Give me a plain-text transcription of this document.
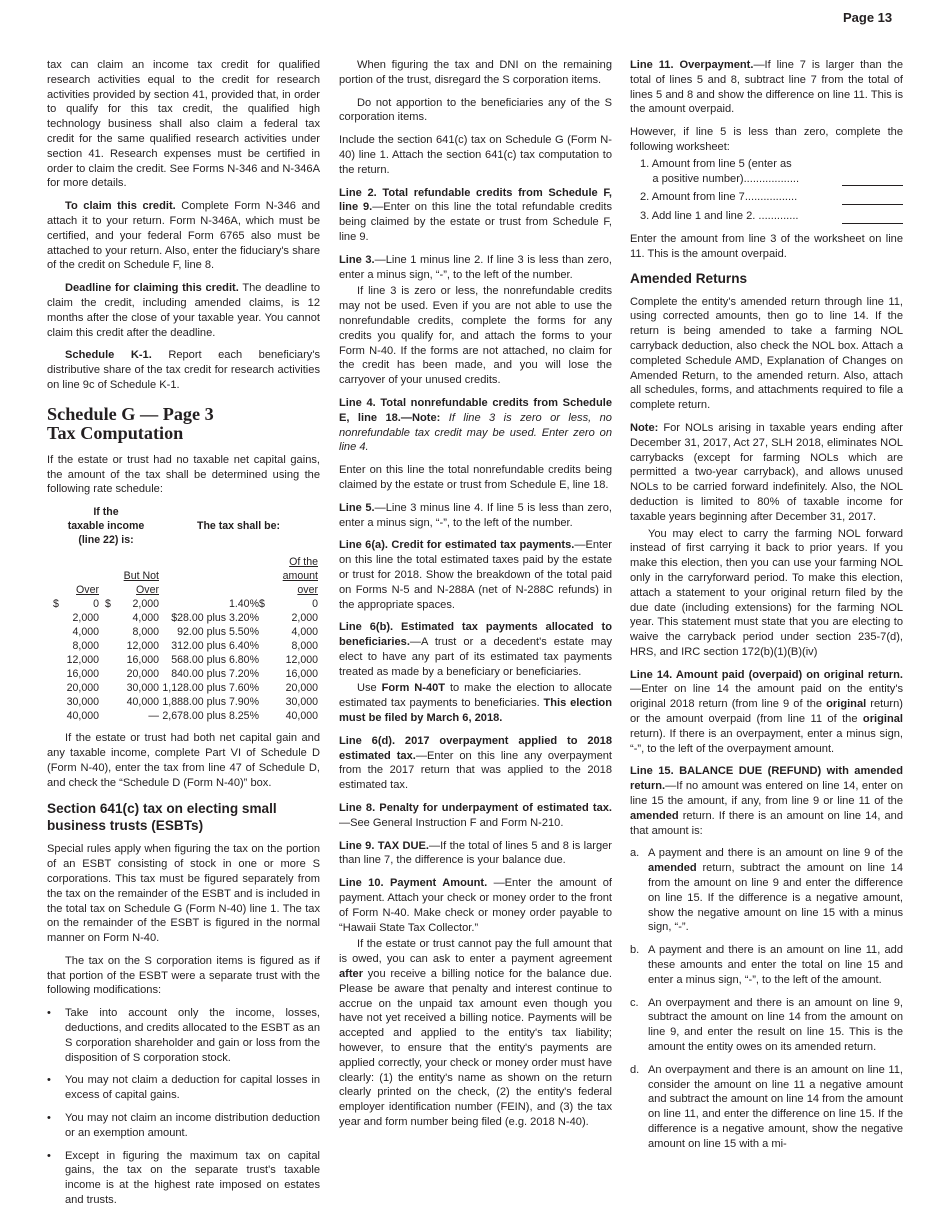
Page 13

tax can claim an income tax credit for qualified research activities equal to the credit for research activities provided by section 41, provided that, in order to qualify for this tax credit, the qualified high technology business shall also claim a federal tax credit for the same qualified research activities under section 41. Research expenses must be certified in order to claim the credit. See Forms N-346 and N-346A for more details.

To claim this credit. Complete Form N-346 and attach it to your return. Form N-346A, which must be certified, and your federal Form 6765 also must be attached to your return. Also, enter the fiduciary's share of the credit on Schedule F, line 8.

Deadline for claiming this credit. The deadline to claim the credit, including amended claims, is 12 months after the close of your taxable year. You cannot claim this credit after the deadline.

Schedule K-1. Report each beneficiary's distributive share of the tax credit for research activities on line 9c of Schedule K-1.

Schedule G — Page 3
Tax Computation

If the estate or trust had no taxable net capital gains, the amount of the tax shall be determined using the following rate schedule:

If the
taxable income
(line 22) is:			The tax shall be:		

	Over	But Not
Over			Of the
amount
over
$	0	$ 2,000	1.40%	$	0
	2,000	4,000	$28.00 plus 3.20%		2,000
	4,000	8,000	92.00 plus 5.50%		4,000
	8,000	12,000	312.00 plus 6.40%		8,000
	12,000	16,000	568.00 plus 6.80%		12,000
	16,000	20,000	840.00 plus 7.20%		16,000
	20,000	30,000	1,128.00 plus 7.60%		20,000
	30,000	40,000	1,888.00 plus 7.90%		30,000
	40,000	—	2,678.00 plus 8.25%		40,000

If the estate or trust had both net capital gain and any taxable income, complete Part VI of Schedule D (Form N-40), enter the tax from line 47 of Schedule D, and check the “Schedule D (Form N-40)” box.

Section 641(c) tax on electing small business trusts (ESBTs)

Special rules apply when figuring the tax on the portion of an ESBT consisting of stock in one or more S corporations. This tax must be figured separately from the tax on the remainder of the ESBT and is included in the total tax on Schedule G (Form N-40) line 1. The tax on the remainder of the ESBT is figured in the normal manner on Form N-40.

The tax on the S corporation items is figured as if that portion of the ESBT were a separate trust with the following modifications:

• Take into account only the income, losses, deductions, and credits allocated to the ESBT as an S corporation shareholder and gain or loss from the disposition of S corporation stock.
• You may not claim a deduction for capital losses in excess of capital gains.
• You may not claim an income distribution deduction or an exemption amount.
• Except in figuring the maximum tax on capital gains, the tax on the separate trust's taxable income is at the highest rate imposed on estates and trusts.

When figuring the tax and DNI on the remaining portion of the trust, disregard the S corporation items.

Do not apportion to the beneficiaries any of the S corporation items.

Include the section 641(c) tax on Schedule G (Form N-40) line 1. Attach the section 641(c) tax computation to the return.

Line 2. Total refundable credits from Schedule F, line 9.—Enter on this line the total refundable credits being claimed by the estate or trust from Schedule F, line 9.

Line 3.—Line 1 minus line 2. If line 3 is less than zero, enter a minus sign, “-”, to the left of the number.

If line 3 is zero or less, the nonrefundable credits may not be used. Even if you are not able to use the nonrefundable credits, complete the forms for any credits you qualify for, and attach the forms to your Form N-40. If the forms are not attached, no claim for the credit has been made, and you will lose the carryover of your unused credits.

Line 4. Total nonrefundable credits from Schedule E, line 18.—Note: If line 3 is zero or less, no nonrefundable tax credit may be used. Enter zero on line 4.

Enter on this line the total nonrefundable credits being claimed by the estate or trust from Schedule E, line 18.

Line 5.—Line 3 minus line 4. If line 5 is less than zero, enter a minus sign, “-”, to the left of the number.

Line 6(a). Credit for estimated tax payments.—Enter on this line the total estimated taxes paid by the estate or trust for 2018. Show the breakdown of the total paid on Forms N-5 and N-288A (net of N-288C refunds) in the appropriate spaces.

Line 6(b). Estimated tax payments allocated to beneficiaries.—A trust or a decedent's estate may elect to have any part of its estimated tax payments treated as made by a beneficiary or beneficiaries.

Use Form N-40T to make the election to allocate estimated tax payments to beneficiaries. This election must be filed by March 6, 2018.

Line 6(d). 2017 overpayment applied to 2018 estimated tax.—Enter on this line any overpayment from the 2017 return that was applied to the 2018 estimated tax.

Line 8. Penalty for underpayment of estimated tax.—See General Instruction F and Form N-210.

Line 9. TAX DUE.—If the total of lines 5 and 8 is larger than line 7, the difference is your balance due.

Line 10. Payment Amount. —Enter the amount of payment. Attach your check or money order to the front of Form N-40. Make check or money order payable to “Hawaii State Tax Collector.”

If the estate or trust cannot pay the full amount that is owed, you can ask to enter a payment agreement after you receive a billing notice for the balance due. Please be aware that penalty and interest continue to accrue on the unpaid tax amount even though you have not yet received a billing notice. Payments will be accepted and applied to the entity's tax liability; however, to ensure that the entity's payments are applied correctly, your check or money order must have clearly: (1) the entity's name as shown on the return clearly printed on the check, (2) the entity's federal employer identification number (FEIN), and (3) the tax year and form number being filed (e.g. 2018 N-40).

Line 11. Overpayment.—If line 7 is larger than the total of lines 5 and 8, subtract line 7 from the total of lines 5 and 8 and show the difference on line 11. This is the amount overpaid.

However, if line 5 is less than zero, complete the following worksheet:

1. Amount from line 5 (enter as
a positive number)..................
2. Amount from line 7.................
3. Add line 1 and line 2. .............

Enter the amount from line 3 of the worksheet on line 11. This is the amount overpaid.

Amended Returns

Complete the entity's amended return through line 11, using corrected amounts, then go to line 14. If the return is being amended to take a farming NOL carryback deduction, also check the NOL box. Attach a completed Schedule AMD, Explanation of Changes on Amended Return, to the amended return. Also, attach all schedules, forms, and attachments required to file a complete return.

Note: For NOLs arising in taxable years ending after December 31, 2017, Act 27, SLH 2018, eliminates NOL carrybacks (except for farming NOLs which are permitted a two-year carryback), and allows unused NOLs to be carried forward indefinitely. Also, the NOL deduction is limited to 80% of taxable income for taxable years beginning after December 31, 2017.

You may elect to carry the farming NOL forward instead of first carrying it back to prior years. If you make this election, then you can use your farming NOL only in the carryforward period. To make this election, attach a statement to your original return filed by the due date (including extensions) for the farming NOL year. This statement must state that you are electing to waive the carryback period under section 235-7(d), HRS, and IRC section 172(b)(1)(B)(iv)

Line 14. Amount paid (overpaid) on original return. —Enter on line 14 the amount paid on the entity's original 2018 return (from line 9 of the original return) or the amount overpaid (from line 11 of the original return). If there is an overpayment, enter a minus sign, “-”, to the left of the overpayment amount.

Line 15. BALANCE DUE (REFUND) with amended return.—If no amount was entered on line 14, enter on line 15 the amount, if any, from line 9 or line 11 of the amended return. If there is an amount on line 14, and that amount is:

a. A payment and there is an amount on line 9 of the amended return, subtract the amount on line 14 from the amount on line 9 and enter the difference on line 15. If the difference is a negative amount, show the negative amount on line 15 with a minus sign, “-”.
b. A payment and there is an amount on line 11, add these amounts and enter the total on line 15 and enter a minus sign, “-”, to the left of the amount.
c. An overpayment and there is an amount on line 9, subtract the amount on line 14 from the amount on line 9, and enter the result on line 15. This is the amount the entity owes on its amended return.
d. An overpayment and there is an amount on line 11, consider the amount on line 11 a negative amount and subtract the amount on line 14 from the amount on line 11, and enter the difference on line 15. If the difference is a negative amount, show the negative amount on line 15 with a mi-
